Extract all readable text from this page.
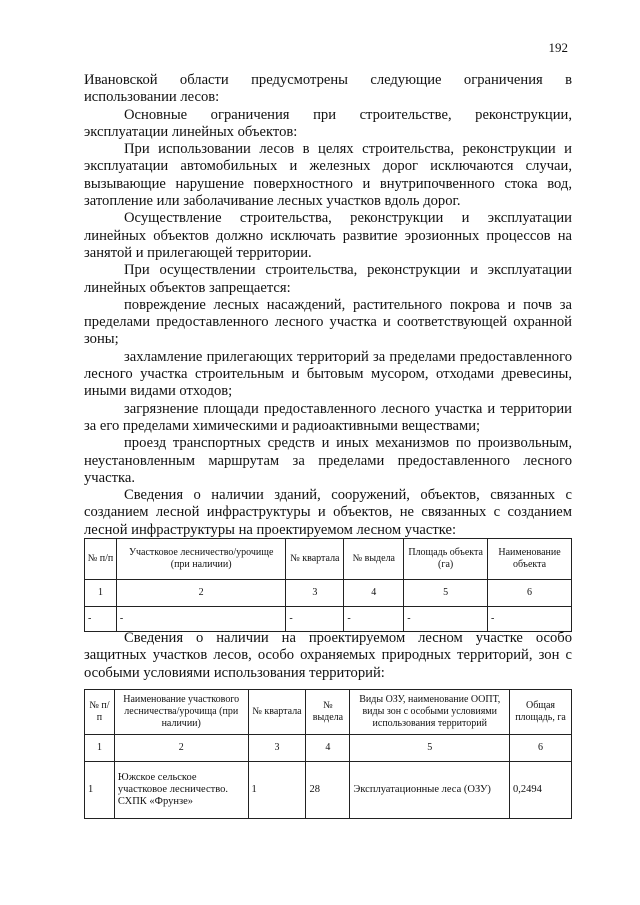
192

Ивановской области предусмотрены следующие ограничения в использовании лесов:

Основные ограничения при строительстве, реконструкции, эксплуатации линейных объектов:

При использовании лесов в целях строительства, реконструкции и эксплуатации автомобильных и железных дорог исключаются случаи, вызывающие нарушение поверхностного и внутрипочвенного стока вод, затопление или заболачивание лесных участков вдоль дорог.

Осуществление строительства, реконструкции и эксплуатации линейных объектов должно исключать развитие эрозионных процессов на занятой и прилегающей территории.

При осуществлении строительства, реконструкции и эксплуатации линейных объектов запрещается:

повреждение лесных насаждений, растительного покрова и почв за пределами предоставленного лесного участка и соответствующей охранной зоны;

захламление прилегающих территорий за пределами предоставленного лесного участка строительным и бытовым мусором, отходами древесины, иными видами отходов;

загрязнение площади предоставленного лесного участка и территории за его пределами химическими и радиоактивными веществами;

проезд транспортных средств и иных механизмов по произвольным, неустановленным маршрутам за пределами предоставленного лесного участка.

Сведения о наличии зданий, сооружений, объектов, связанных с созданием лесной инфраструктуры и объектов, не связанных с созданием лесной инфраструктуры на проектируемом лесном участке:

№ п/п	Участковое лесничество/урочище (при наличии)	№ квартала	№ выдела	Площадь объекта (га)	Наименование объекта
1	2	3	4	5	6
-	-	-	-	-	-

Сведения о наличии на проектируемом лесном участке особо защитных участков лесов, особо охраняемых природных территорий, зон с особыми условиями использования территорий:

№ п/п	Наименование участкового лесничества/урочища (при наличии)	№ квартала	№ выдела	Виды ОЗУ, наименование ООПТ, виды зон с особыми условиями использования территорий	Общая площадь, га
1	2	3	4	5	6
1	Южское сельское участковое лесничество. СХПК «Фрунзе»	1	28	Эксплуатационные леса (ОЗУ)	0,2494
